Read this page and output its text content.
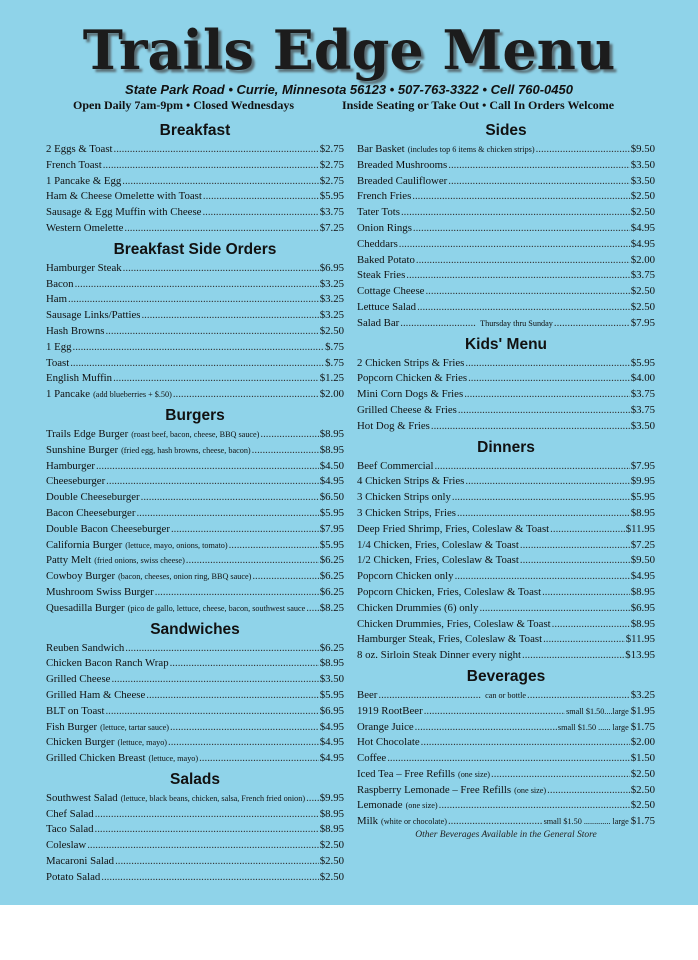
Trails Edge Menu
State Park Road • Currie, Minnesota 56123 • 507-763-3322 • Cell 760-0450
Open Daily 7am-9pm • Closed Wednesdays	Inside Seating or Take Out • Call In Orders Welcome
Breakfast
2 Eggs & Toast .....	$2.75
French Toast .....	$2.75
1 Pancake & Egg .....	$2.75
Ham & Cheese Omelette with Toast .....	$5.95
Sausage & Egg Muffin with Cheese .....	$3.75
Western Omelette .....	$7.25
Breakfast Side Orders
Hamburger Steak .....	$6.95
Bacon .....	$3.25
Ham .....	$3.25
Sausage Links/Patties .....	$3.25
Hash Browns .....	$2.50
1 Egg .....	$.75
Toast .....	$.75
English Muffin .....	$1.25
1 Pancake (add blueberries + $.50) .....	$2.00
Burgers
Trails Edge Burger (roast beef, bacon, cheese, BBQ sauce) .....	$8.95
Sunshine Burger (fried egg, hash browns, cheese, bacon) .....	$8.95
Hamburger .....	$4.50
Cheeseburger .....	$4.95
Double Cheeseburger .....	$6.50
Bacon Cheeseburger .....	$5.95
Double Bacon Cheeseburger .....	$7.95
California Burger (lettuce, mayo, onions, tomato) .....	$5.95
Patty Melt (fried onions, swiss cheese) .....	$6.25
Cowboy Burger (bacon, cheeses, onion ring, BBQ sauce) .....	$6.25
Mushroom Swiss Burger .....	$6.25
Quesadilla Burger (pico de gallo, lettuce, cheese, bacon, southwest sauce ..... $8.25
Sandwiches
Reuben Sandwich .....	$6.25
Chicken Bacon Ranch Wrap .....	$8.95
Grilled Cheese .....	$3.50
Grilled Ham & Cheese .....	$5.95
BLT on Toast .....	$6.95
Fish Burger (lettuce, tartar sauce) .....	$4.95
Chicken Burger (lettuce, mayo) .....	$4.95
Grilled Chicken Breast (lettuce, mayo) .....	$4.95
Salads
Southwest Salad (lettuce, black beans, chicken, salsa, French fried onion) ..... $9.95
Chef Salad .....	$8.95
Taco Salad .....	$8.95
Coleslaw .....	$2.50
Macaroni Salad .....	$2.50
Potato Salad .....	$2.50
Sides
Bar Basket (includes top 6 items & chicken strips) .....	$9.50
Breaded Mushrooms .....	$3.50
Breaded Cauliflower .....	$3.50
French Fries .....	$2.50
Tater Tots .....	$2.50
Onion Rings .....	$4.95
Cheddars .....	$4.95
Baked Potato .....	$2.00
Steak Fries .....	$3.75
Cottage Cheese .....	$2.50
Lettuce Salad .....	$2.50
Salad Bar .....	Thursday thru Sunday .....	$7.95
Kids' Menu
2 Chicken Strips & Fries .....	$5.95
Popcorn Chicken & Fries .....	$4.00
Mini Corn Dogs & Fries .....	$3.75
Grilled Cheese & Fries .....	$3.75
Hot Dog & Fries .....	$3.50
Dinners
Beef Commercial .....	$7.95
4 Chicken Strips & Fries .....	$9.95
3 Chicken Strips only .....	$5.95
3 Chicken Strips, Fries .....	$8.95
Deep Fried Shrimp, Fries, Coleslaw & Toast .....	$11.95
1/4 Chicken, Fries, Coleslaw & Toast .....	$7.25
1/2 Chicken, Fries, Coleslaw & Toast .....	$9.50
Popcorn Chicken only .....	$4.95
Popcorn Chicken, Fries, Coleslaw & Toast .....	$8.95
Chicken Drummies (6) only .....	$6.95
Chicken Drummies, Fries, Coleslaw & Toast .....	$8.95
Hamburger Steak, Fries, Coleslaw & Toast .....	$11.95
8 oz. Sirloin Steak Dinner every night .....	$13.95
Beverages
Beer .....	can or bottle .....	$3.25
1919 RootBeer .....	small $1.50....large $1.95
Orange Juice .....	small $1.50 ...... large $1.75
Hot Chocolate .....	$2.00
Coffee .....	$1.50
Iced Tea – Free Refills (one size) .....	$2.50
Raspberry Lemonade – Free Refills (one size) .....	$2.50
Lemonade (one size) .....	$2.50
Milk (white or chocolate) .....	small $1.50 ............. large $1.75
Other Beverages Available in the General Store
